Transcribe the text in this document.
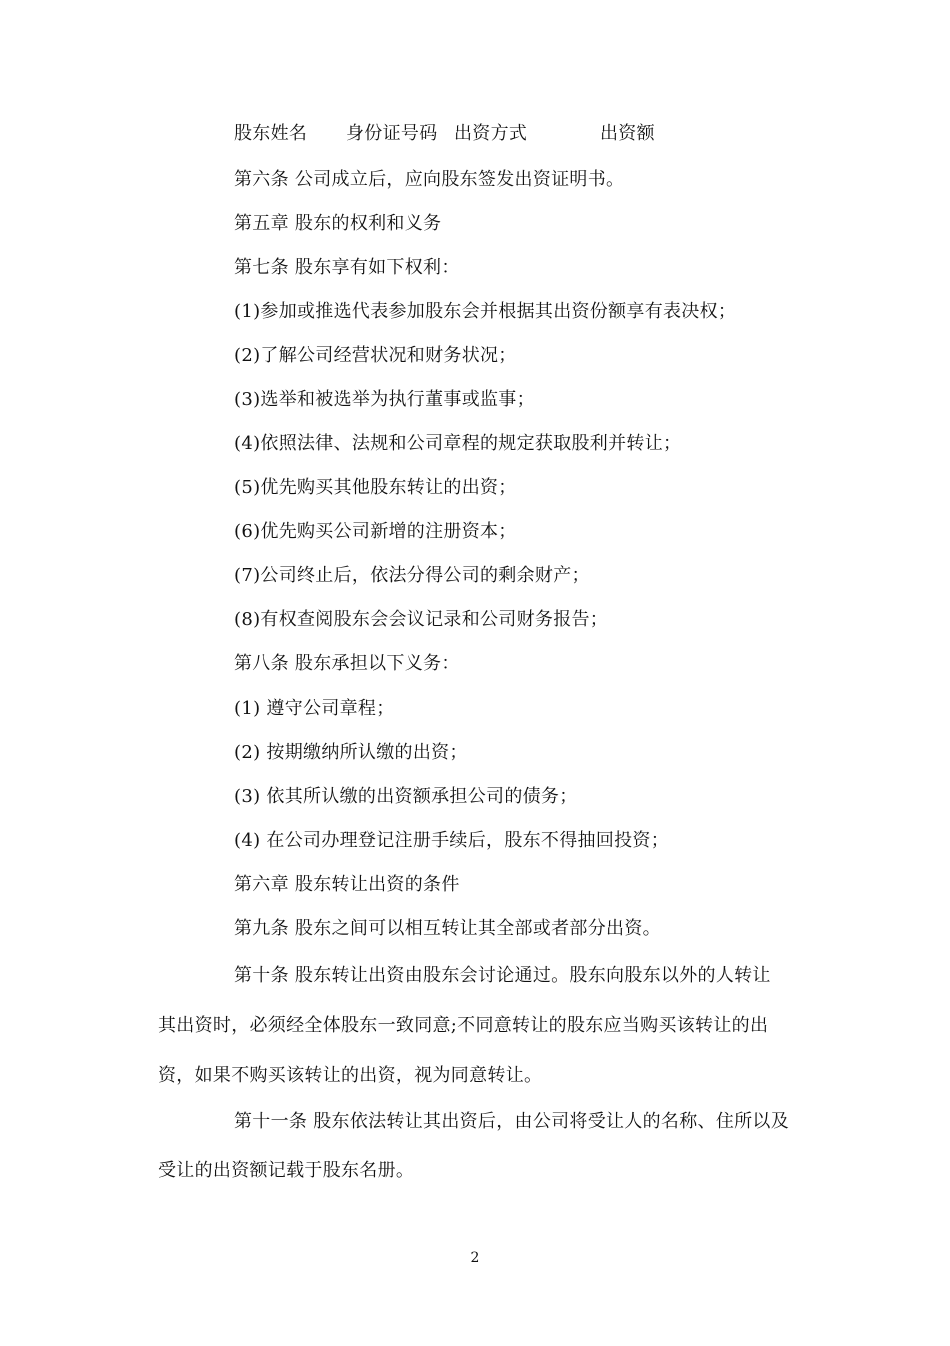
股东姓名 身份证号码 出资方式	出资额
第六条 公司成立后，应向股东签发出资证明书。
第五章 股东的权利和义务
第七条 股东享有如下权利：
(1)参加或推选代表参加股东会并根据其出资份额享有表决权；
(2)了解公司经营状况和财务状况；
(3)选举和被选举为执行董事或监事；
(4)依照法律、法规和公司章程的规定获取股利并转让；
(5)优先购买其他股东转让的出资；
(6)优先购买公司新增的注册资本；
(7)公司终止后，依法分得公司的剩余财产；
(8)有权查阅股东会会议记录和公司财务报告；
第八条 股东承担以下义务：
(1) 遵守公司章程；
(2) 按期缴纳所认缴的出资；
(3) 依其所认缴的出资额承担公司的债务；
(4) 在公司办理登记注册手续后，股东不得抽回投资；
第六章 股东转让出资的条件
第九条 股东之间可以相互转让其全部或者部分出资。
第十条 股东转让出资由股东会讨论通过。股东向股东以外的人转让
其出资时，必须经全体股东一致同意;不同意转让的股东应当购买该转让的出
资，如果不购买该转让的出资，视为同意转让。
第十一条 股东依法转让其出资后，由公司将受让人的名称、住所以及
受让的出资额记载于股东名册。
2
